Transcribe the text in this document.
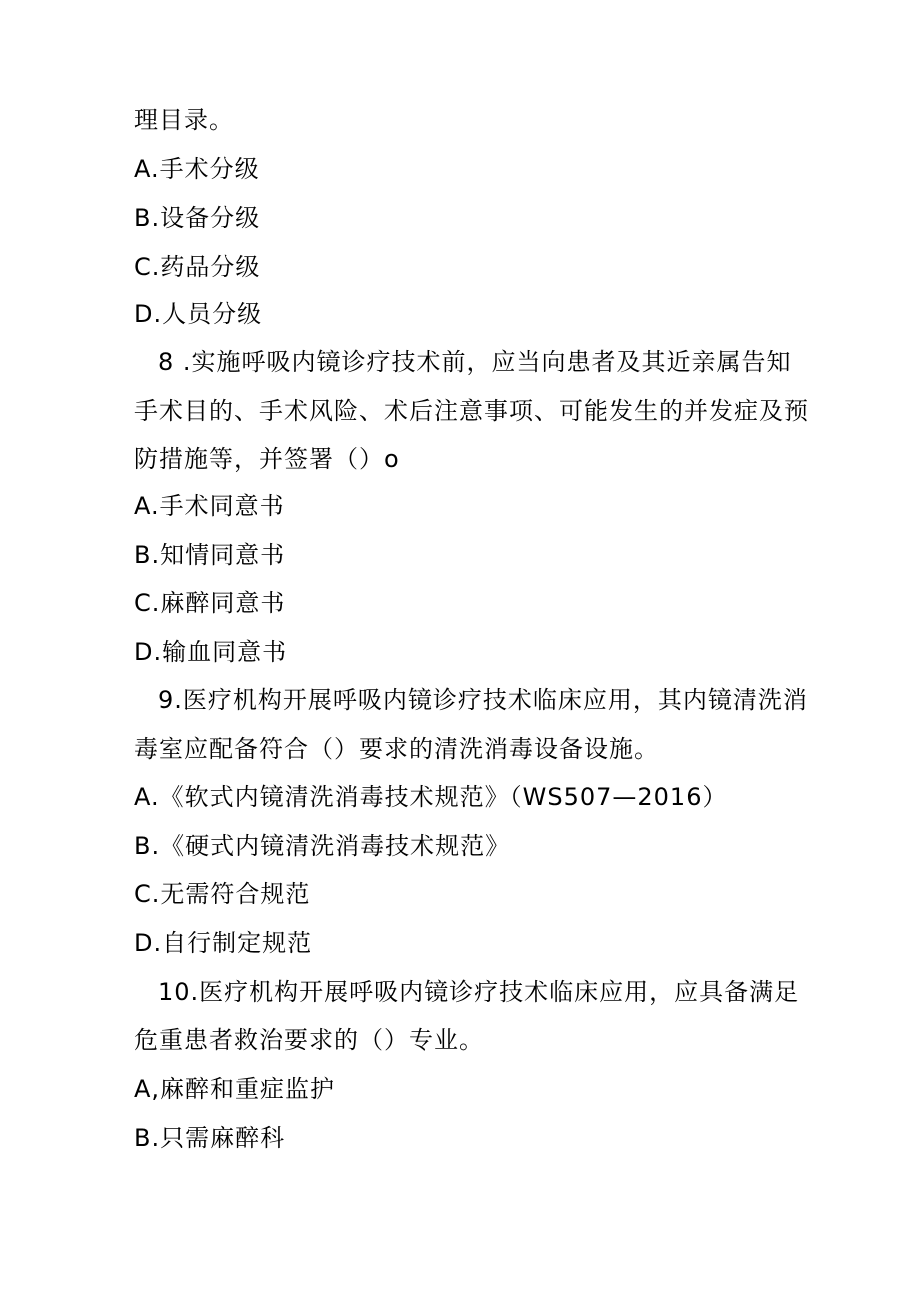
理目录。
A.手术分级
B.设备分级
C.药品分级
D.人员分级
8 .实施呼吸内镜诊疗技术前，应当向患者及其近亲属告知
手术目的、手术风险、术后注意事项、可能发生的并发症及预
防措施等，并签署（）o
A.手术同意书
B.知情同意书
C.麻醉同意书
D.输血同意书
9.医疗机构开展呼吸内镜诊疗技术临床应用，其内镜清洗消
毒室应配备符合（）要求的清洗消毒设备设施。
A.《软式内镜清洗消毒技术规范》（WS507—2016）
B.《硬式内镜清洗消毒技术规范》
C.无需符合规范
D.自行制定规范
10.医疗机构开展呼吸内镜诊疗技术临床应用，应具备满足
危重患者救治要求的（）专业。
A,麻醉和重症监护
B.只需麻醉科
